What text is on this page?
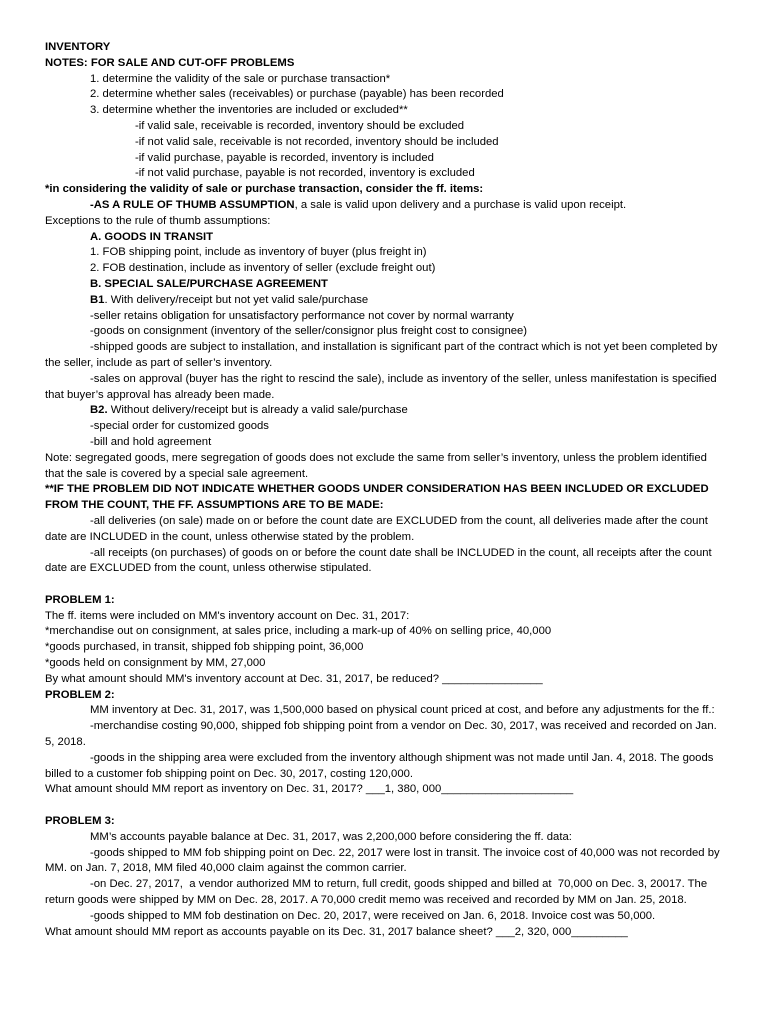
INVENTORY

NOTES: FOR SALE AND CUT-OFF PROBLEMS

1. determine the validity of the sale or purchase transaction*

2. determine whether sales (receivables) or purchase (payable) has been recorded

3. determine whether the inventories are included or excluded**

-if valid sale, receivable is recorded, inventory should be excluded

-if not valid sale, receivable is not recorded, inventory should be included

-if valid purchase, payable is recorded, inventory is included

-if not valid purchase, payable is not recorded, inventory is excluded

*in considering the validity of sale or purchase transaction, consider the ff. items:

-AS A RULE OF THUMB ASSUMPTION, a sale is valid upon delivery and a purchase is valid upon receipt.

Exceptions to the rule of thumb assumptions:

A. GOODS IN TRANSIT

1. FOB shipping point, include as inventory of buyer (plus freight in)

2. FOB destination, include as inventory of seller (exclude freight out)

B. SPECIAL SALE/PURCHASE AGREEMENT

B1. With delivery/receipt but not yet valid sale/purchase

-seller retains obligation for unsatisfactory performance not cover by normal warranty

-goods on consignment (inventory of the seller/consignor plus freight cost to consignee)

-shipped goods are subject to installation, and installation is significant part of the contract which is not yet been completed by the seller, include as part of seller’s inventory.

-sales on approval (buyer has the right to rescind the sale), include as inventory of the seller, unless manifestation is specified that buyer’s approval has already been made.

B2. Without delivery/receipt but is already a valid sale/purchase

-special order for customized goods

-bill and hold agreement

Note: segregated goods, mere segregation of goods does not exclude the same from seller’s inventory, unless the problem identified that the sale is covered by a special sale agreement.

**IF THE PROBLEM DID NOT INDICATE WHETHER GOODS UNDER CONSIDERATION HAS BEEN INCLUDED OR EXCLUDED FROM THE COUNT, THE FF. ASSUMPTIONS ARE TO BE MADE:

-all deliveries (on sale) made on or before the count date are EXCLUDED from the count, all deliveries made after the count date are INCLUDED in the count, unless otherwise stated by the problem.

-all receipts (on purchases) of goods on or before the count date shall be INCLUDED in the count, all receipts after the count date are EXCLUDED from the count, unless otherwise stipulated.

PROBLEM 1:

The ff. items were included on MM's inventory account on Dec. 31, 2017:

*merchandise out on consignment, at sales price, including a mark-up of 40% on selling price, 40,000

*goods purchased, in transit, shipped fob shipping point, 36,000

*goods held on consignment by MM, 27,000

By what amount should MM's inventory account at Dec. 31, 2017, be reduced? ________________

PROBLEM 2:

MM inventory at Dec. 31, 2017, was 1,500,000 based on physical count priced at cost, and before any adjustments for the ff.:

-merchandise costing 90,000, shipped fob shipping point from a vendor on Dec. 30, 2017, was received and recorded on Jan. 5, 2018.

-goods in the shipping area were excluded from the inventory although shipment was not made until Jan. 4, 2018. The goods billed to a customer fob shipping point on Dec. 30, 2017, costing 120,000.

What amount should MM report as inventory on Dec. 31, 2017? ___1, 380, 000_____________________

PROBLEM 3:

MM’s accounts payable balance at Dec. 31, 2017, was 2,200,000 before considering the ff. data:

-goods shipped to MM fob shipping point on Dec. 22, 2017 were lost in transit. The invoice cost of 40,000 was not recorded by MM. on Jan. 7, 2018, MM filed 40,000 claim against the common carrier.

-on Dec. 27, 2017,  a vendor authorized MM to return, full credit, goods shipped and billed at  70,000 on Dec. 3, 20017. The return goods were shipped by MM on Dec. 28, 2017. A 70,000 credit memo was received and recorded by MM on Jan. 25, 2018.

-goods shipped to MM fob destination on Dec. 20, 2017, were received on Jan. 6, 2018. Invoice cost was 50,000.

What amount should MM report as accounts payable on its Dec. 31, 2017 balance sheet? ___2, 320, 000_________
